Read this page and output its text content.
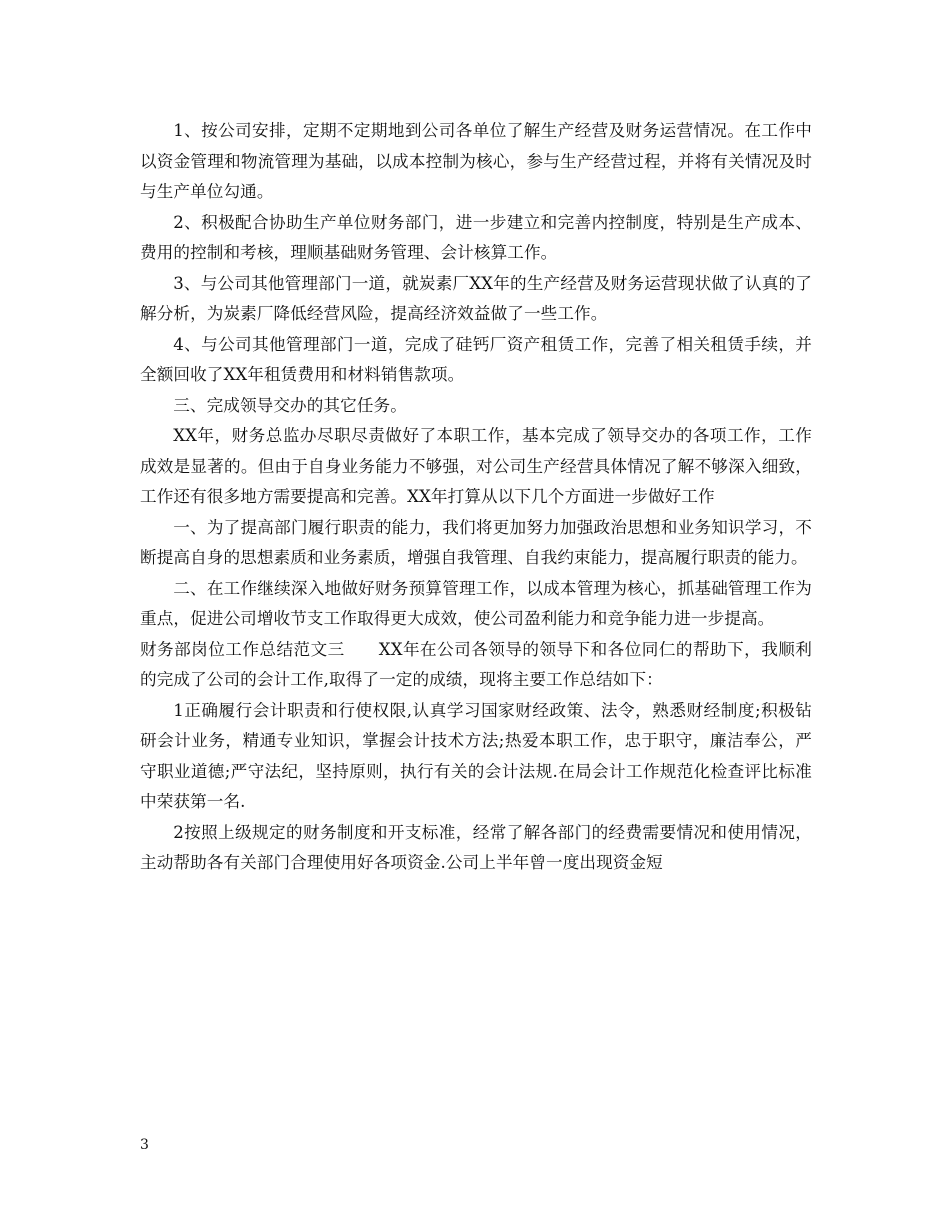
1、按公司安排，定期不定期地到公司各单位了解生产经营及财务运营情况。在工作中以资金管理和物流管理为基础，以成本控制为核心，参与生产经营过程，并将有关情况及时与生产单位勾通。

2、积极配合协助生产单位财务部门，进一步建立和完善内控制度，特别是生产成本、费用的控制和考核，理顺基础财务管理、会计核算工作。

3、与公司其他管理部门一道，就炭素厂XX年的生产经营及财务运营现状做了认真的了解分析，为炭素厂降低经营风险，提高经济效益做了一些工作。

4、与公司其他管理部门一道，完成了硅钙厂资产租赁工作，完善了相关租赁手续，并全额回收了XX年租赁费用和材料销售款项。

三、完成领导交办的其它任务。

XX年，财务总监办尽职尽责做好了本职工作，基本完成了领导交办的各项工作，工作成效是显著的。但由于自身业务能力不够强，对公司生产经营具体情况了解不够深入细致，工作还有很多地方需要提高和完善。XX年打算从以下几个方面进一步做好工作

一、为了提高部门履行职责的能力，我们将更加努力加强政治思想和业务知识学习，不断提高自身的思想素质和业务素质，增强自我管理、自我约束能力，提高履行职责的能力。

二、在工作继续深入地做好财务预算管理工作，以成本管理为核心，抓基础管理工作为重点，促进公司增收节支工作取得更大成效，使公司盈利能力和竞争能力进一步提高。

财务部岗位工作总结范文三　　XX年在公司各领导的领导下和各位同仁的帮助下，我顺利的完成了公司的会计工作,取得了一定的成绩，现将主要工作总结如下：

1正确履行会计职责和行使权限,认真学习国家财经政策、法令，熟悉财经制度;积极钻研会计业务，精通专业知识，掌握会计技术方法;热爱本职工作，忠于职守，廉洁奉公，严守职业道德;严守法纪，坚持原则，执行有关的会计法规.在局会计工作规范化检查评比标准中荣获第一名.

2按照上级规定的财务制度和开支标准，经常了解各部门的经费需要情况和使用情况，主动帮助各有关部门合理使用好各项资金.公司上半年曾一度出现资金短

3
